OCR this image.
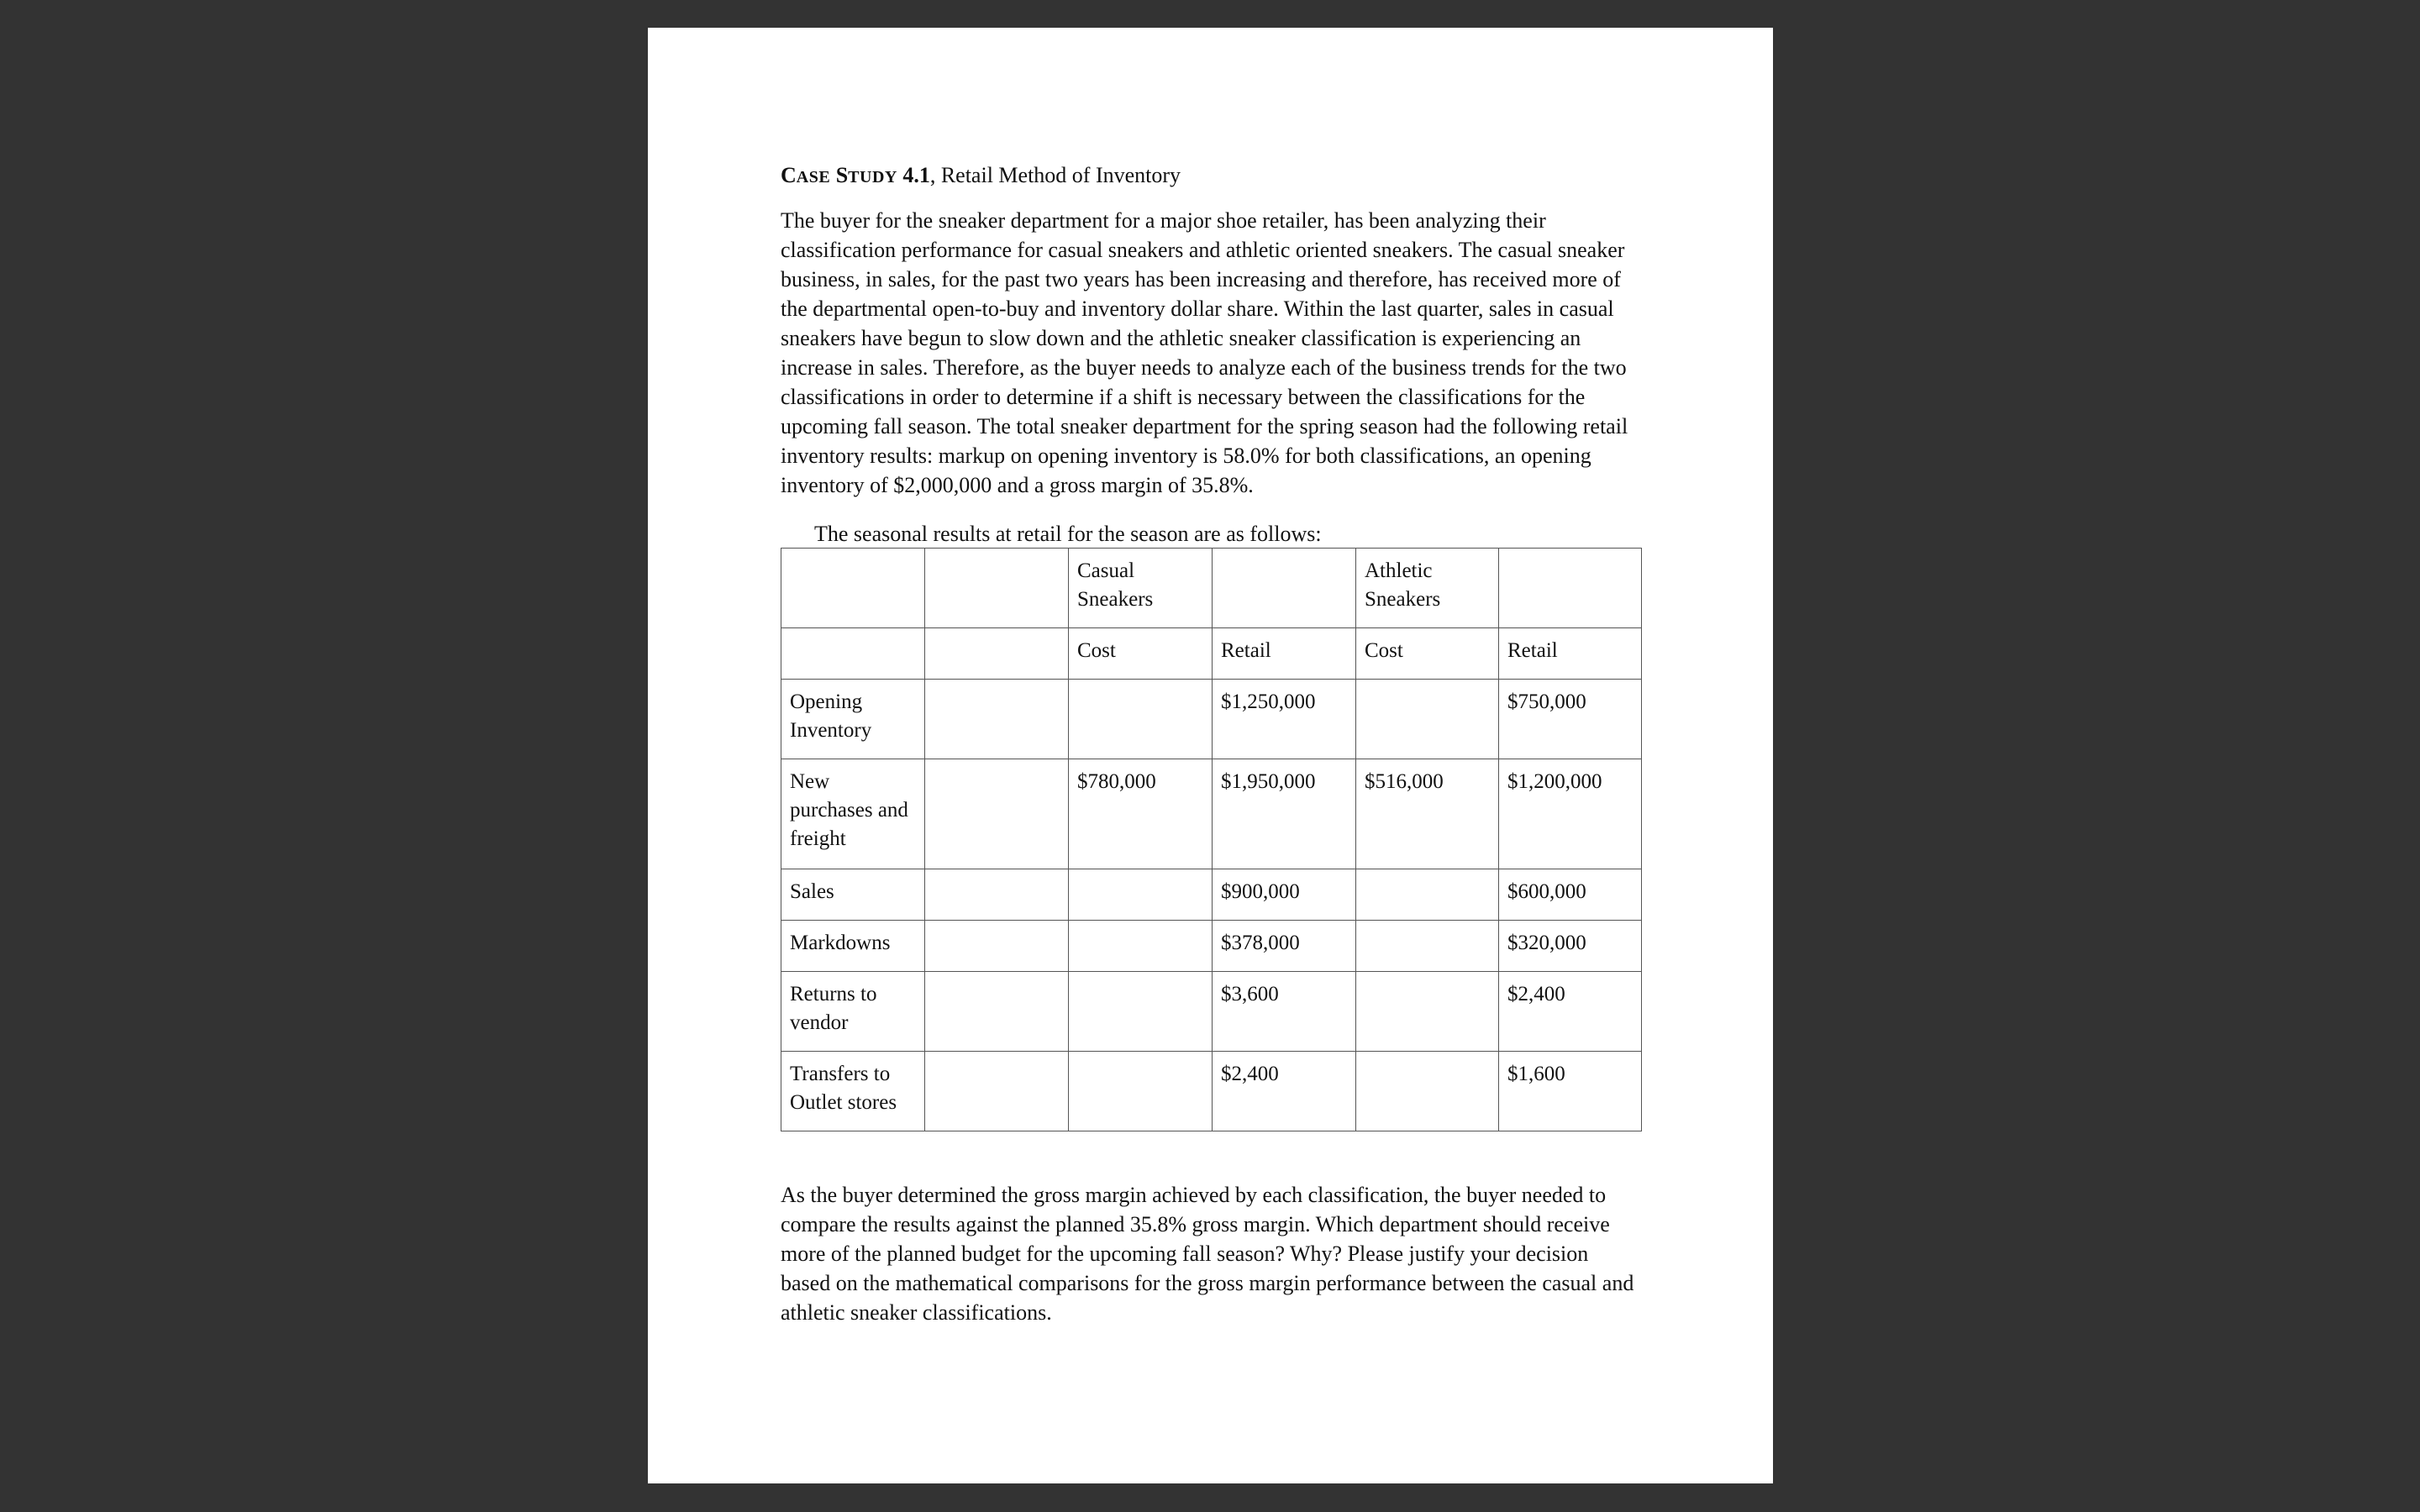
CASE STUDY 4.1, Retail Method of Inventory

The buyer for the sneaker department for a major shoe retailer, has been analyzing their classification performance for casual sneakers and athletic oriented sneakers. The casual sneaker business, in sales, for the past two years has been increasing and therefore, has received more of the departmental open-to-buy and inventory dollar share. Within the last quarter, sales in casual sneakers have begun to slow down and the athletic sneaker classification is experiencing an increase in sales. Therefore, as the buyer needs to analyze each of the business trends for the two classifications in order to determine if a shift is necessary between the classifications for the upcoming fall season. The total sneaker department for the spring season had the following retail inventory results: markup on opening inventory is 58.0% for both classifications, an opening inventory of $2,000,000 and a gross margin of 35.8%.

The seasonal results at retail for the season are as follows:

		Casual Sneakers		Athletic Sneakers	
		Cost	Retail	Cost	Retail
Opening Inventory			$1,250,000		$750,000
New purchases and freight		$780,000	$1,950,000	$516,000	$1,200,000
Sales			$900,000		$600,000
Markdowns			$378,000		$320,000
Returns to vendor			$3,600		$2,400
Transfers to Outlet stores			$2,400		$1,600

As the buyer determined the gross margin achieved by each classification, the buyer needed to compare the results against the planned 35.8% gross margin. Which department should receive more of the planned budget for the upcoming fall season? Why? Please justify your decision based on the mathematical comparisons for the gross margin performance between the casual and athletic sneaker classifications.
